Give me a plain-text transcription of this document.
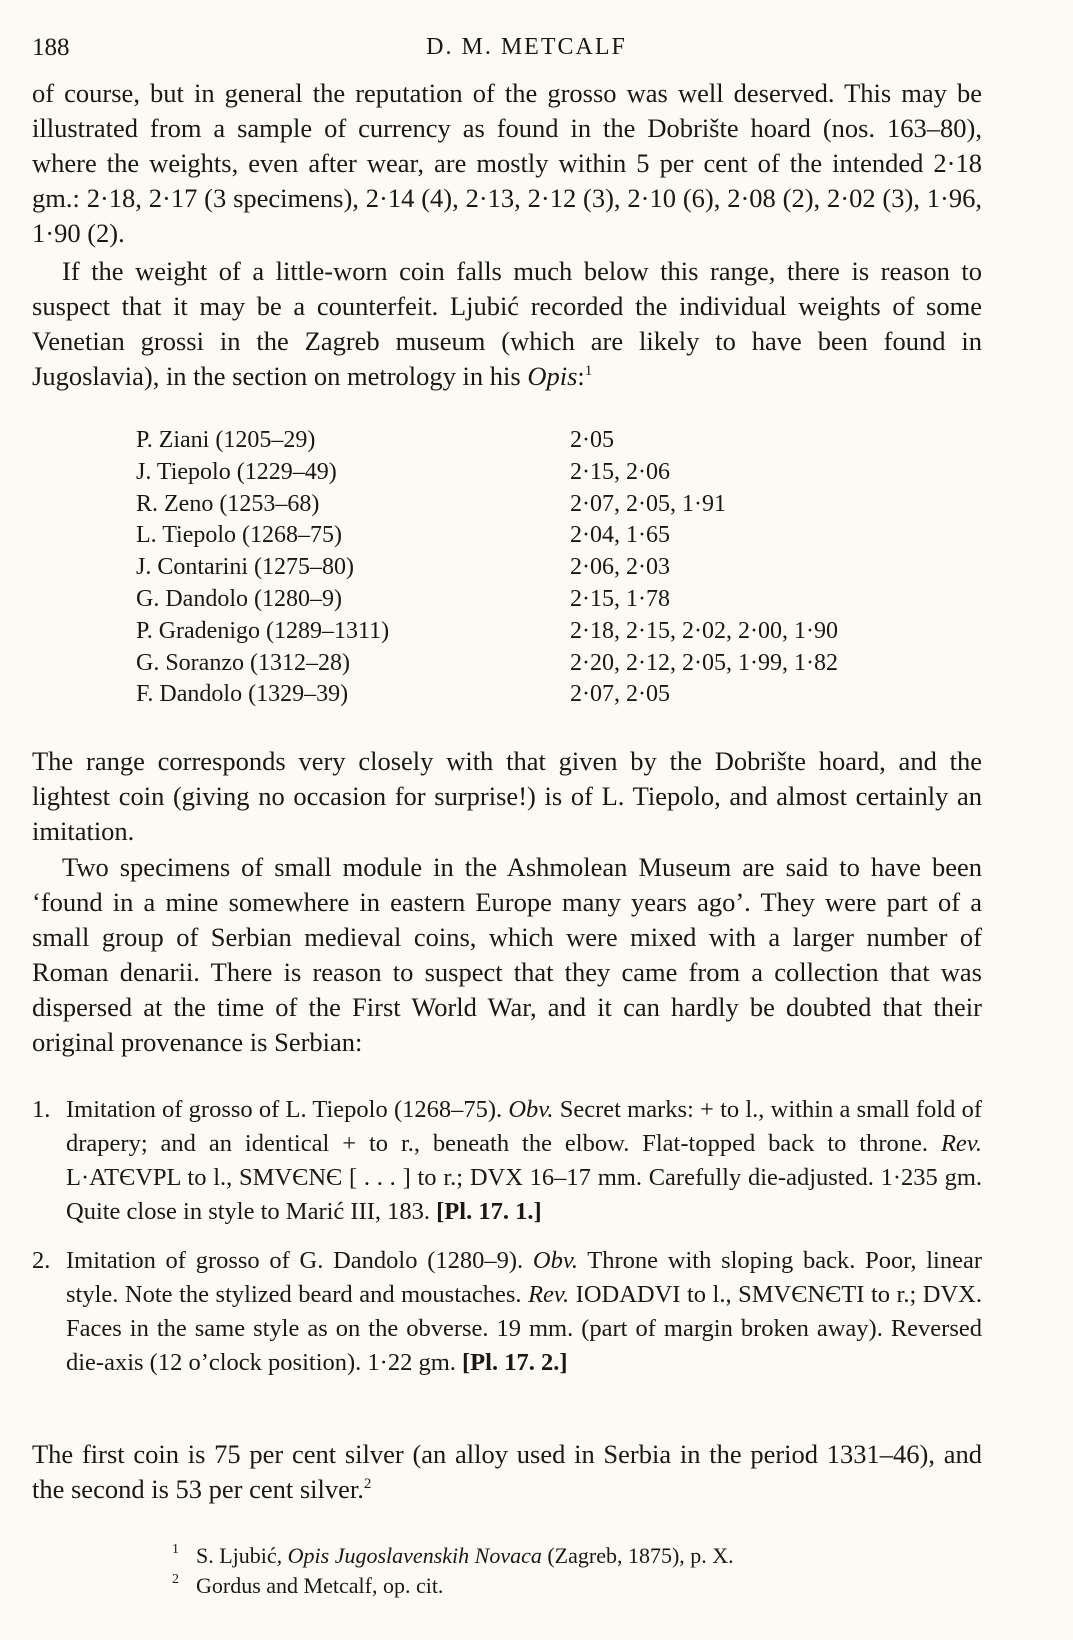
188	D. M. METCALF

of course, but in general the reputation of the grosso was well deserved. This may be illustrated from a sample of currency as found in the Dobrište hoard (nos. 163–80), where the weights, even after wear, are mostly within 5 per cent of the intended 2·18 gm.: 2·18, 2·17 (3 specimens), 2·14 (4), 2·13, 2·12 (3), 2·10 (6), 2·08 (2), 2·02 (3), 1·96, 1·90 (2).

If the weight of a little-worn coin falls much below this range, there is reason to suspect that it may be a counterfeit. Ljubić recorded the individual weights of some Venetian grossi in the Zagreb museum (which are likely to have been found in Jugoslavia), in the section on metrology in his Opis:$^1$

P. Ziani (1205–29)	2·05
J. Tiepolo (1229–49)	2·15, 2·06
R. Zeno (1253–68)	2·07, 2·05, 1·91
L. Tiepolo (1268–75)	2·04, 1·65
J. Contarini (1275–80)	2·06, 2·03
G. Dandolo (1280–9)	2·15, 1·78
P. Gradenigo (1289–1311)	2·18, 2·15, 2·02, 2·00, 1·90
G. Soranzo (1312–28)	2·20, 2·12, 2·05, 1·99, 1·82
F. Dandolo (1329–39)	2·07, 2·05

The range corresponds very closely with that given by the Dobrište hoard, and the lightest coin (giving no occasion for surprise!) is of L. Tiepolo, and almost certainly an imitation.

Two specimens of small module in the Ashmolean Museum are said to have been ‘found in a mine somewhere in eastern Europe many years ago’. They were part of a small group of Serbian medieval coins, which were mixed with a larger number of Roman denarii. There is reason to suspect that they came from a collection that was dispersed at the time of the First World War, and it can hardly be doubted that their original provenance is Serbian:

1. Imitation of grosso of L. Tiepolo (1268–75). Obv. Secret marks: + to l., within a small fold of drapery; and an identical + to r., beneath the elbow. Flat-topped back to throne. Rev. L·ATЄVPL to l., SMVЄNЄ [ . . . ] to r.; DVX 16–17 mm. Carefully die-adjusted. 1·235 gm. Quite close in style to Marić III, 183. [Pl. 17. 1.]

2. Imitation of grosso of G. Dandolo (1280–9). Obv. Throne with sloping back. Poor, linear style. Note the stylized beard and moustaches. Rev. IODADVI to l., SMVЄNЄTI to r.; DVX. Faces in the same style as on the obverse. 19 mm. (part of margin broken away). Reversed die-axis (12 o’clock position). 1·22 gm. [Pl. 17. 2.]

The first coin is 75 per cent silver (an alloy used in Serbia in the period 1331–46), and the second is 53 per cent silver.$^2$

1 S. Ljubić, Opis Jugoslavenskih Novaca (Zagreb, 1875), p. X.
2 Gordus and Metcalf, op. cit.
